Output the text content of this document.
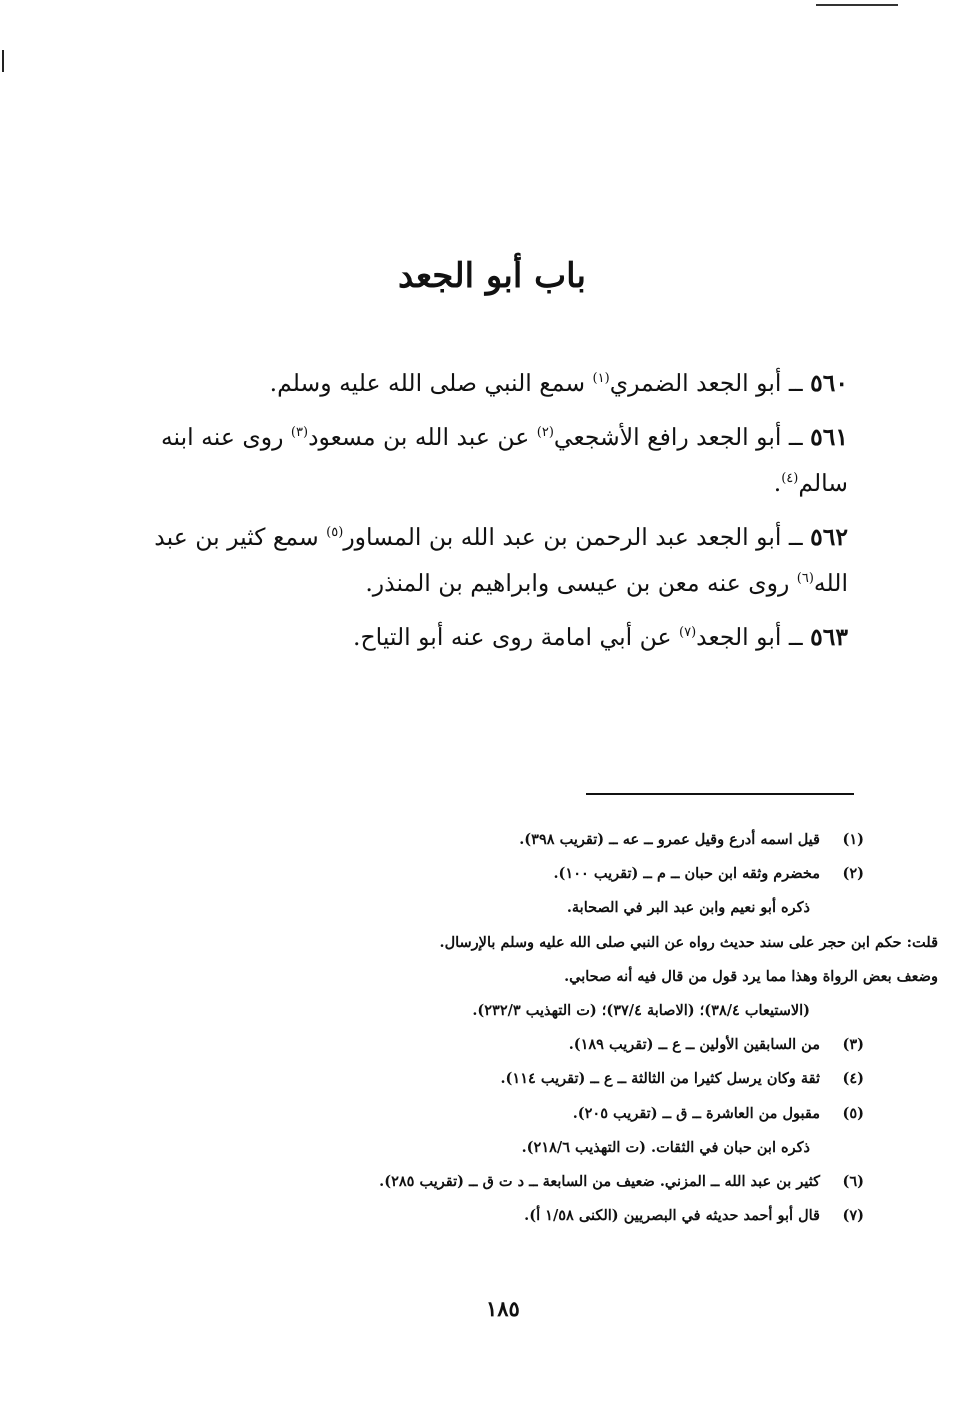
باب أبو الجعد
٥٦٠ ــ أبو الجعد الضمري$^{(١)}$ سمع النبي صلى الله عليه وسلم.
٥٦١ ــ أبو الجعد رافع الأشجعي$^{(٢)}$ عن عبد الله بن مسعود$^{(٣)}$ روى عنه ابنه سالم$^{(٤)}$.
٥٦٢ ــ أبو الجعد عبد الرحمن بن عبد الله بن المساور$^{(٥)}$ سمع كثير بن عبد الله$^{(٦)}$ روى عنه معن بن عيسى وابراهيم بن المنذر.
٥٦٣ ــ أبو الجعد$^{(٧)}$ عن أبي امامة روى عنه أبو التياح.
(١)قيل اسمه أدرع وقيل عمرو ــ عه ــ (تقريب ٣٩٨).
(٢)مخضرم وثقه ابن حبان ــ م ــ (تقريب ١٠٠).
ذكره أبو نعيم وابن عبد البر في الصحابة.
قلت: حكم ابن حجر على سند حديث رواه عن النبي صلى الله عليه وسلم بالإرسال.
وضعف بعض الرواة وهذا مما يرد قول من قال فيه أنه صحابي.
(الاستيعاب ٣٨/٤)؛ (الاصابة ٣٧/٤)؛ (ت التهذيب ٢٣٢/٣).
(٣)من السابقين الأولين ــ ع ــ (تقريب ١٨٩).
(٤)ثقة وكان يرسل كثيرا من الثالثة ــ ع ــ (تقريب ١١٤).
(٥)مقبول من العاشرة ــ ق ــ (تقريب ٢٠٥).
ذكره ابن حبان في الثقات. (ت التهذيب ٢١٨/٦).
(٦)كثير بن عبد الله ــ المزني. ضعيف من السابعة ــ د ت ق ــ (تقريب ٢٨٥).
(٧)قال أبو أحمد حديثه في البصريين (الكنى ١/٥٨ أ).
١٨٥
